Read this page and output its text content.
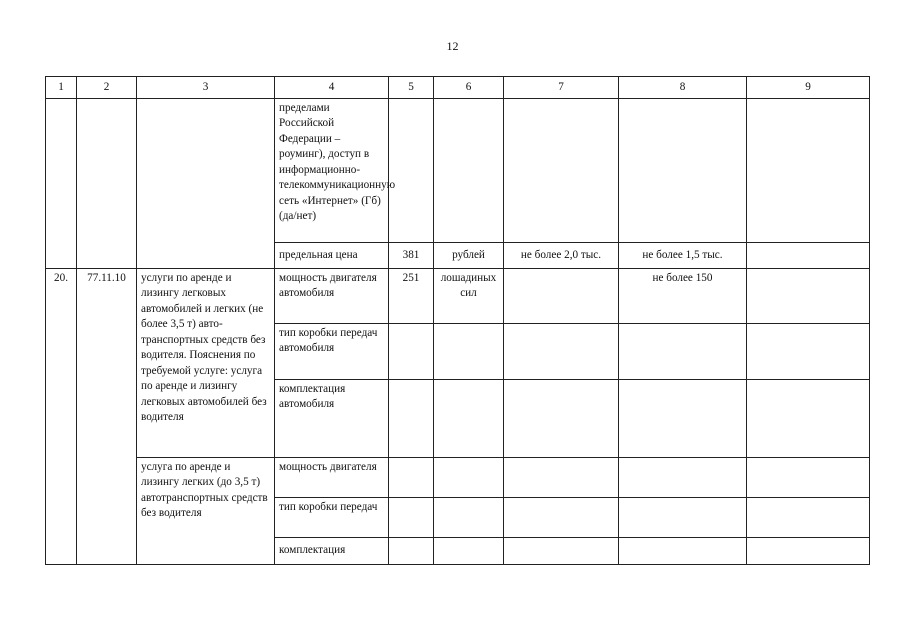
12
1	2	3	4	5	6	7	8	9
			пределами Российской Федерации – роуминг), доступ в информационно-телекоммуникационную сеть «Интернет» (Гб) (да/нет)					
			предельная цена	381	рублей	не более 2,0 тыс.	не более 1,5 тыс.	
20.	77.11.10	услуги по аренде и лизингу легковых автомобилей и легких (не более 3,5 т) авто-транспортных средств без водителя. Пояснения по требуемой услуге: услуга по аренде и лизингу легковых автомобилей без водителя	мощность двигателя автомобиля	251	лошадиных сил		не более 150	
			тип коробки передач автомобиля					
			комплектация автомобиля					
		услуга по аренде и лизингу легких (до 3,5 т) автотранспортных средств без водителя	мощность двигателя					
			тип коробки передач					
			комплектация					
